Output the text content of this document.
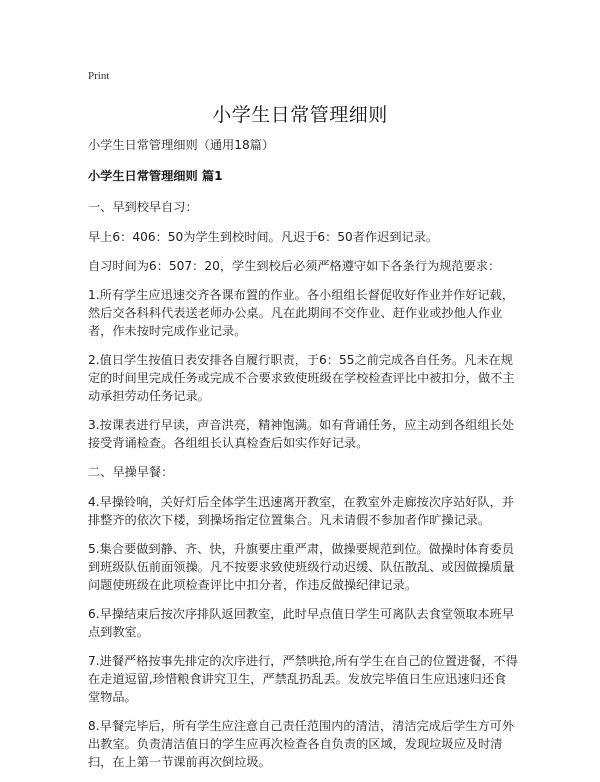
Print
小学生日常管理细则

小学生日常管理细则（通用18篇）

小学生日常管理细则 篇1

一、早到校早自习：

早上6：406：50为学生到校时间。凡迟于6：50者作迟到记录。

自习时间为6：507：20，学生到校后必须严格遵守如下各条行为规范要求：

1.所有学生应迅速交齐各课布置的作业。各小组组长督促收好作业并作好记载，然后交各科科代表送老师办公桌。凡在此期间不交作业、赶作业或抄他人作业者，作未按时完成作业记录。

2.值日学生按值日表安排各自履行职责，于6：55之前完成各自任务。凡未在规定的时间里完成任务或完成不合要求致使班级在学校检查评比中被扣分，做不主动承担劳动任务记录。

3.按课表进行早读，声音洪亮，精神饱满。如有背诵任务，应主动到各组组长处接受背诵检查。各组组长认真检查后如实作好记录。

二、早操早餐：

4.早操铃响，关好灯后全体学生迅速离开教室，在教室外走廊按次序站好队，并排整齐的依次下楼，到操场指定位置集合。凡未请假不参加者作旷操记录。

5.集合要做到静、齐、快，升旗要庄重严肃，做操要规范到位。做操时体育委员到班级队伍前面领操。凡不按要求致使班级行动迟缓、队伍散乱、或因做操质量问题使班级在此项检查评比中扣分者，作违反做操纪律记录。

6.早操结束后按次序排队返回教室，此时早点值日学生可离队去食堂领取本班早点到教室。

7.进餐严格按事先排定的次序进行，严禁哄抢,所有学生在自己的位置进餐，不得在走道逗留,珍惜粮食讲究卫生，严禁乱扔乱丢。发放完毕值日生应迅速归还食堂物品。

8.早餐完毕后，所有学生应注意自己责任范围内的清洁，清洁完成后学生方可外出教室。负责清洁值日的学生应再次检查各自负责的区域，发现垃圾应及时清扫，在上第一节课前再次倒垃圾。
